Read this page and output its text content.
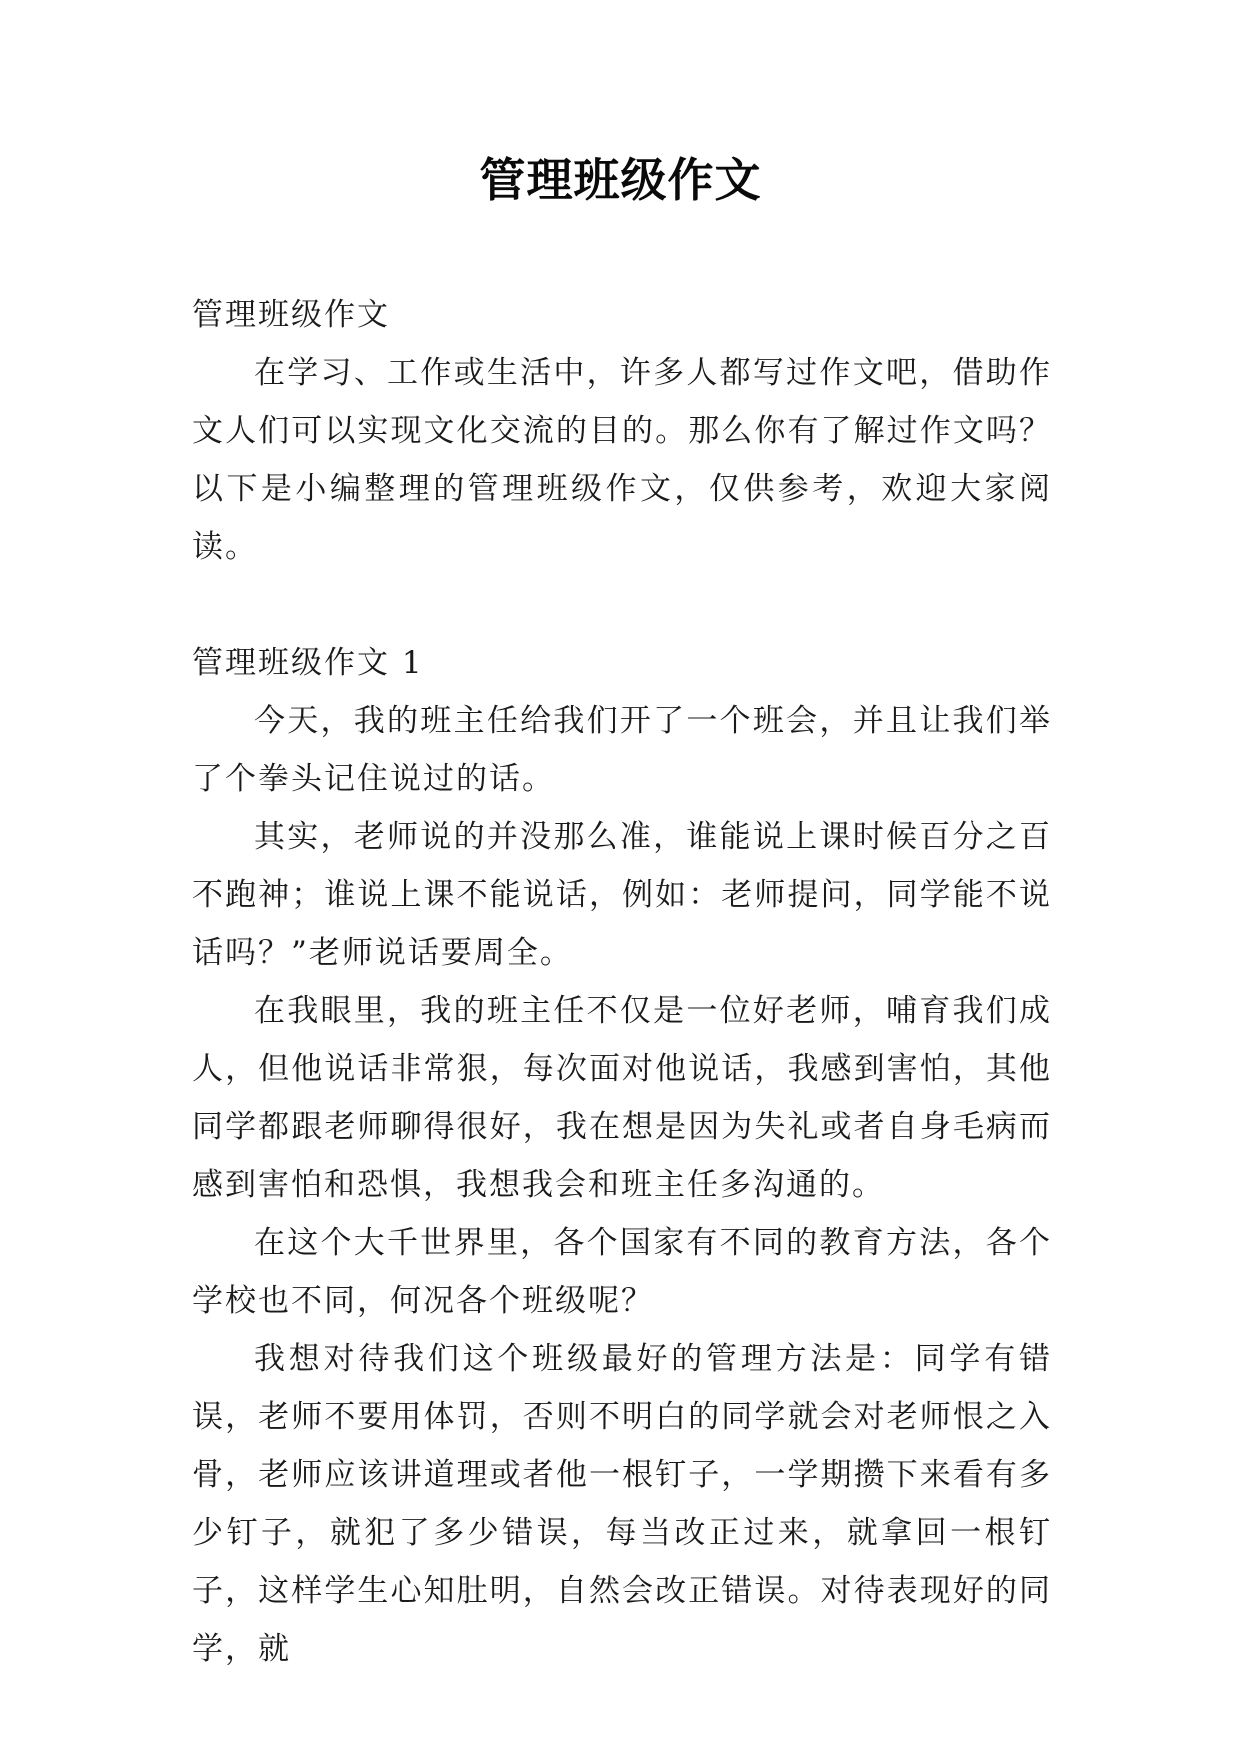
管理班级作文

管理班级作文

在学习、工作或生活中，许多人都写过作文吧，借助作文人们可以实现文化交流的目的。那么你有了解过作文吗？以下是小编整理的管理班级作文，仅供参考，欢迎大家阅读。

管理班级作文 1

今天，我的班主任给我们开了一个班会，并且让我们举了个拳头记住说过的话。

其实，老师说的并没那么准，谁能说上课时候百分之百不跑神；谁说上课不能说话，例如：老师提问，同学能不说话吗？”老师说话要周全。

在我眼里，我的班主任不仅是一位好老师，哺育我们成人，但他说话非常狠，每次面对他说话，我感到害怕，其他同学都跟老师聊得很好，我在想是因为失礼或者自身毛病而感到害怕和恐惧，我想我会和班主任多沟通的。

在这个大千世界里，各个国家有不同的教育方法，各个学校也不同，何况各个班级呢？

我想对待我们这个班级最好的管理方法是：同学有错误，老师不要用体罚，否则不明白的同学就会对老师恨之入骨，老师应该讲道理或者他一根钉子，一学期攒下来看有多少钉子，就犯了多少错误，每当改正过来，就拿回一根钉子，这样学生心知肚明，自然会改正错误。对待表现好的同学，就
